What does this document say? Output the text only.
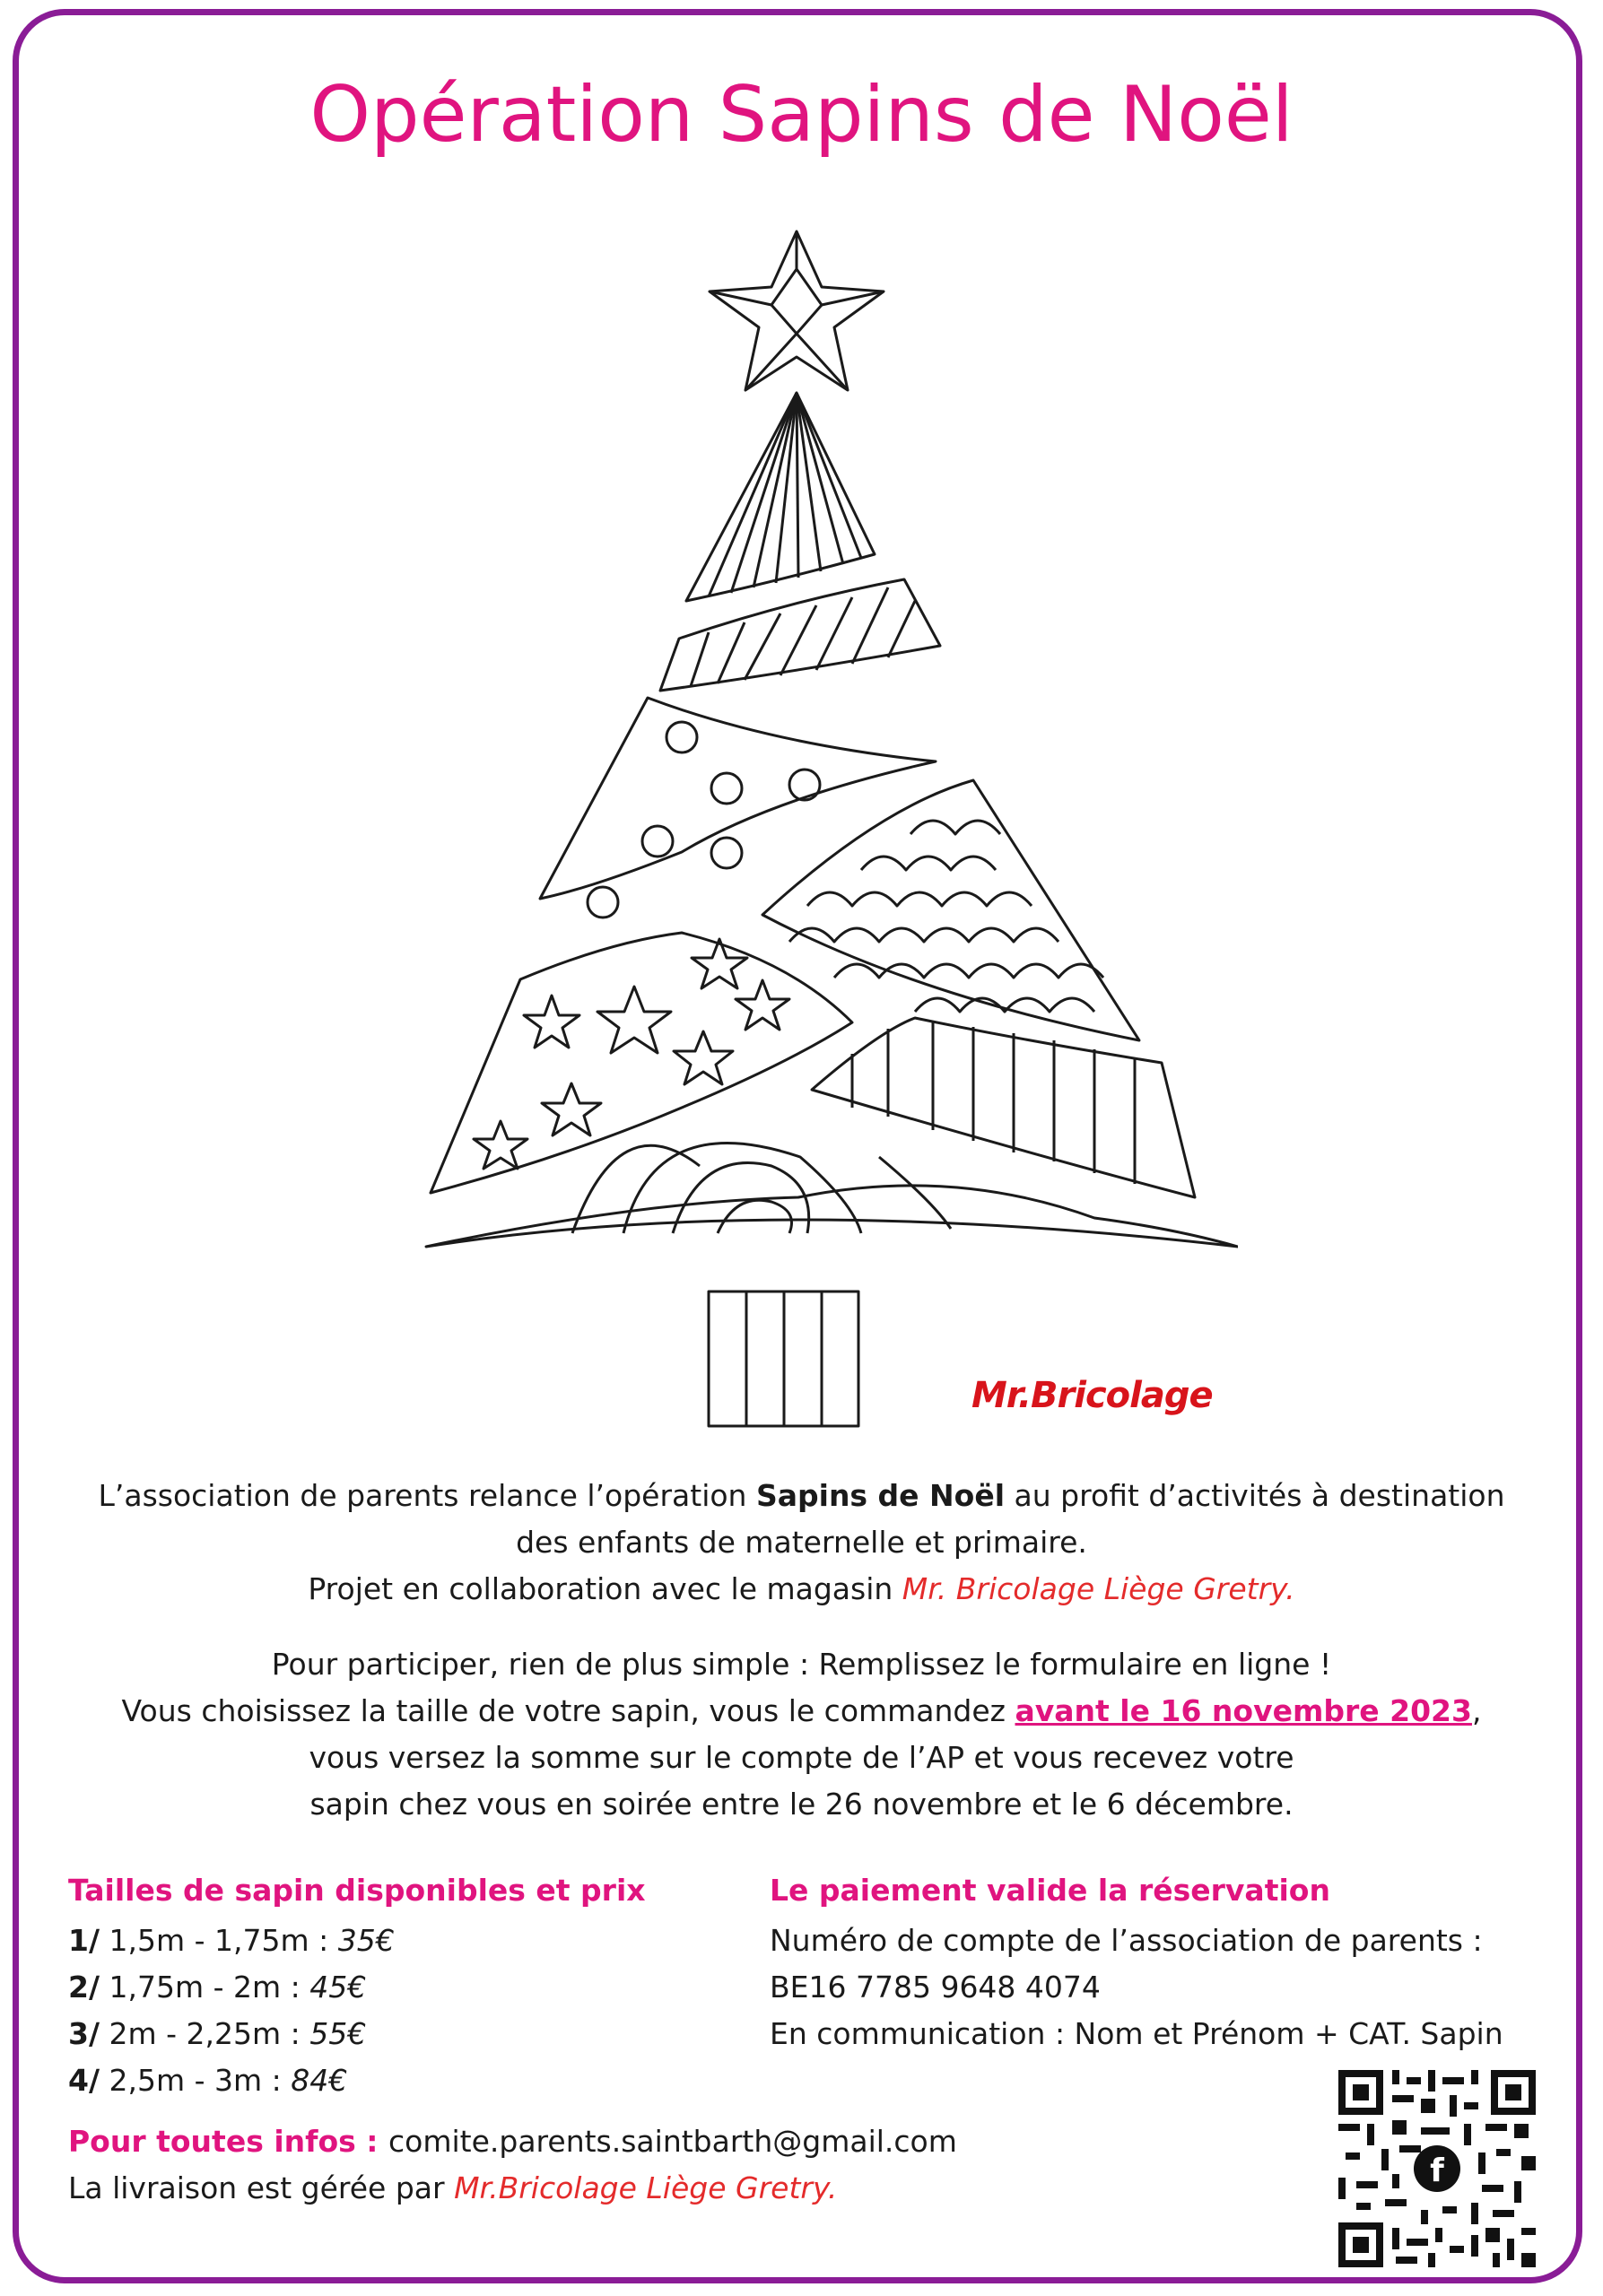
Opération Sapins de Noël
Mr.Bricolage

L’association de parents relance l’opération Sapins de Noël au profit d’activités à destination

des enfants de maternelle et primaire.

Projet en collaboration avec le magasin Mr. Bricolage Liège Gretry.

Pour participer, rien de plus simple : Remplissez le formulaire en ligne !

Vous choisissez la taille de votre sapin, vous le commandez avant le 16 novembre 2023,

vous versez la somme sur le compte de l’AP et vous recevez votre

sapin chez vous en soirée entre le 26 novembre et le 6 décembre.

Tailles de sapin disponibles et prix
1/ 1,5m - 1,75m : 35€
2/ 1,75m - 2m : 45€
3/ 2m - 2,25m : 55€
4/ 2,5m - 3m : 84€
Le paiement valide la réservation
Numéro de compte de l’association de parents :
BE16 7785 9648 4074
En communication : Nom et Prénom + CAT. Sapin
Pour toutes infos : comite.parents.saintbarth@gmail.com
La livraison est gérée par Mr.Bricolage Liège Gretry.	f
